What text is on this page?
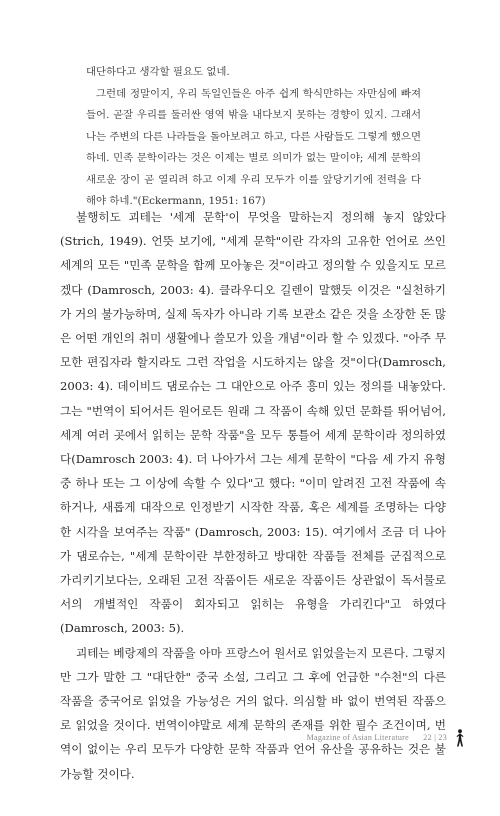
대단하다고 생각할 필요도 없네.

그런데 정말이지, 우리 독일인들은 아주 쉽게 학식만하는 자만심에 빠져들어. 곧잘 우리를 둘러싼 영역 밖을 내다보지 못하는 경향이 있지. 그래서 나는 주변의 다른 나라들을 돌아보려고 하고, 다른 사람들도 그렇게 했으면 하네. 민족 문학이라는 것은 이제는 별로 의미가 없는 말이야; 세계 문학의 새로운 장이 곧 열리려 하고 이제 우리 모두가 이를 앞당기기에 전력을 다해야 하네."(Eckermann, 1951: 167)

불행히도 괴테는 '세계 문학'이 무엇을 말하는지 정의해 놓지 않았다(Strich, 1949). 언뜻 보기에, "세계 문학"이란 각자의 고유한 언어로 쓰인 세계의 모든 "민족 문학을 함께 모아놓은 것"이라고 정의할 수 있을지도 모르겠다 (Damrosch, 2003: 4). 클라우디오 길렌이 말했듯 이것은 "실천하기가 거의 불가능하며, 실제 독자가 아니라 기록 보관소 같은 것을 소장한 돈 많은 어떤 개인의 취미 생활에나 쓸모가 있을 개념"이라 할 수 있겠다. "아주 무모한 편집자라 할지라도 그런 작업을 시도하지는 않을 것"이다(Damrosch, 2003: 4). 데이비드 댐로슈는 그 대안으로 아주 흥미 있는 정의를 내놓았다. 그는 "번역이 되어서든 원어로든 원래 그 작품이 속해 있던 문화를 뛰어넘어, 세계 여러 곳에서 읽히는 문학 작품"을 모두 통틀어 세계 문학이라 정의하였다(Damrosch 2003: 4). 더 나아가서 그는 세계 문학이 "다음 세 가지 유형 중 하나 또는 그 이상에 속할 수 있다"고 했다: "이미 알려진 고전 작품에 속하거나, 새롭게 대작으로 인정받기 시작한 작품, 혹은 세계를 조명하는 다양한 시각을 보여주는 작품" (Damrosch, 2003: 15). 여기에서 조금 더 나아가 댐로슈는, "세계 문학이란 부한정하고 방대한 작품들 전체를 군집적으로 가리키기보다는, 오래된 고전 작품이든 새로운 작품이든 상관없이 독서물로서의 개별적인 작품이 회자되고 읽히는 유형을 가리킨다"고 하였다(Damrosch, 2003: 5).

괴테는 베랑제의 작품을 아마 프랑스어 원서로 읽었을는지 모른다. 그렇지만 그가 말한 그 "대단한" 중국 소설, 그리고 그 후에 언급한 "수천"의 다른 작품을 중국어로 읽었을 가능성은 거의 없다. 의심할 바 없이 번역된 작품으로 읽었을 것이다. 번역이야말로 세계 문학의 존재를 위한 필수 조건이며, 번역이 없이는 우리 모두가 다양한 문학 작품과 언어 유산을 공유하는 것은 불가능할 것이다.

Magazine of Asian Literature 22 | 23
